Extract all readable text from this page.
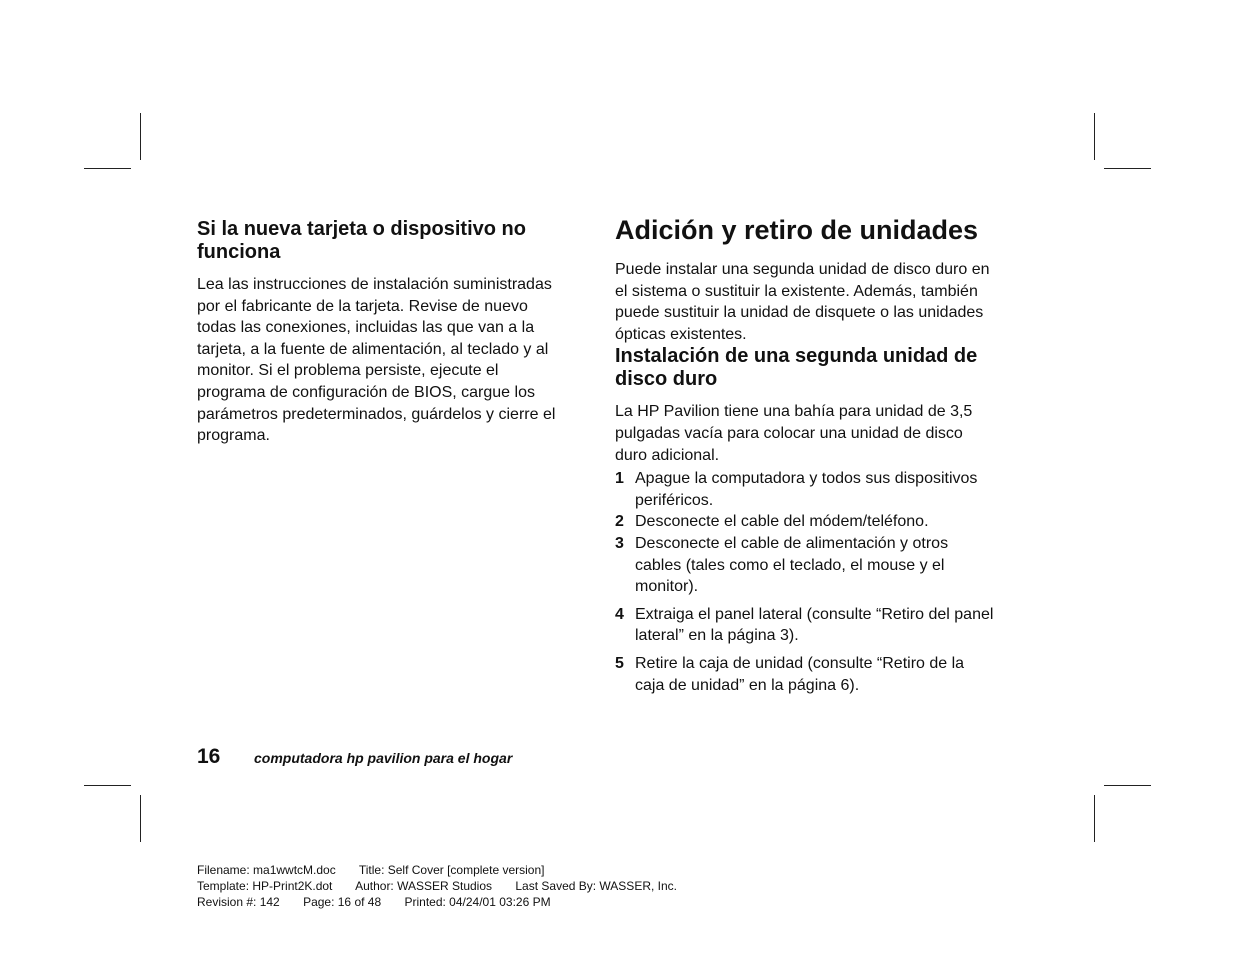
Si la nueva tarjeta o dispositivo no funciona

Lea las instrucciones de instalación suministradas por el fabricante de la tarjeta. Revise de nuevo todas las conexiones, incluidas las que van a la tarjeta, a la fuente de alimentación, al teclado y al monitor. Si el problema persiste, ejecute el programa de configuración de BIOS, cargue los parámetros predeterminados, guárdelos y cierre el programa.

Adición y retiro de unidades

Puede instalar una segunda unidad de disco duro en el sistema o sustituir la existente. Además, también puede sustituir la unidad de disquete o las unidades ópticas existentes.

Instalación de una segunda unidad de disco duro

La HP Pavilion tiene una bahía para unidad de 3,5 pulgadas vacía para colocar una unidad de disco duro adicional.

1 Apague la computadora y todos sus dispositivos periféricos.
2 Desconecte el cable del módem/teléfono.
3 Desconecte el cable de alimentación y otros cables (tales como el teclado, el mouse y el monitor).
4 Extraiga el panel lateral (consulte “Retiro del panel lateral” en la página 3).
5 Retire la caja de unidad (consulte “Retiro de la caja de unidad” en la página 6).
16 computadora hp pavilion para el hogar
Filename: ma1wwtcM.doc Title: Self Cover [complete version]
Template: HP-Print2K.dot Author: WASSER Studios Last Saved By: WASSER, Inc.
Revision #: 142 Page: 16 of 48 Printed: 04/24/01 03:26 PM
